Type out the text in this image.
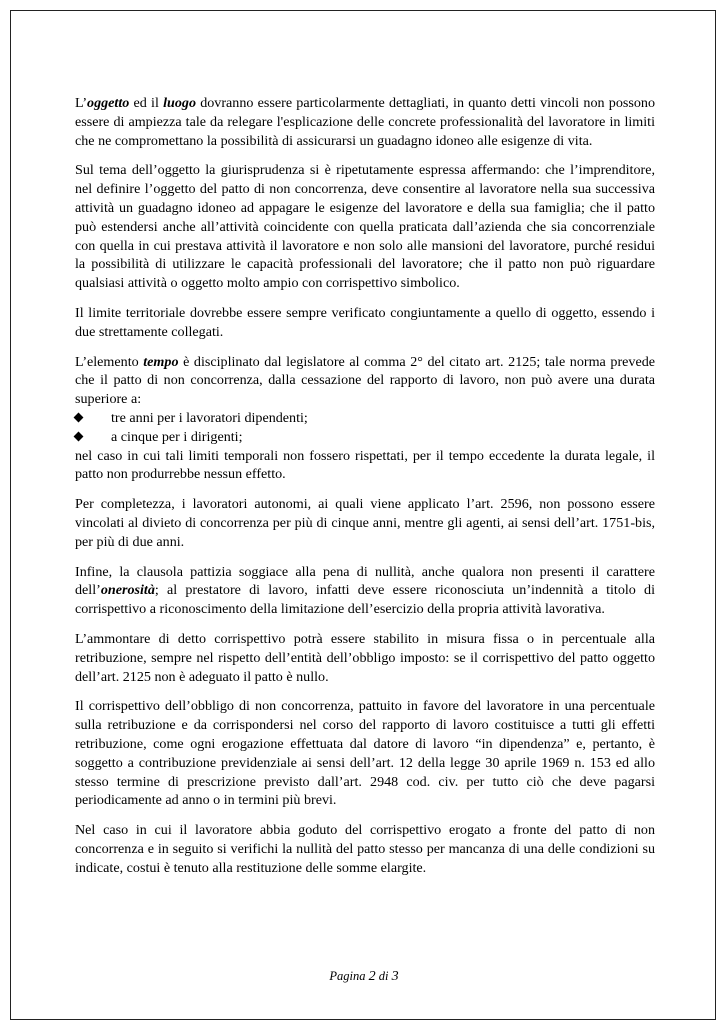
L’oggetto ed il luogo dovranno essere particolarmente dettagliati, in quanto detti vincoli non possono essere di ampiezza tale da relegare l'esplicazione delle concrete professionalità del lavoratore in limiti che ne compromettano la possibilità di assicurarsi un guadagno idoneo alle esigenze di vita.

Sul tema dell’oggetto la giurisprudenza si è ripetutamente espressa affermando: che l’imprenditore, nel definire l’oggetto del patto di non concorrenza, deve consentire al lavoratore nella sua successiva attività un guadagno idoneo ad appagare le esigenze del lavoratore e della sua famiglia; che il patto può estendersi anche all’attività coincidente con quella praticata dall’azienda che sia concorrenziale con quella in cui prestava attività il lavoratore e non solo alle mansioni del lavoratore, purché residui la possibilità di utilizzare le capacità professionali del lavoratore; che il patto non può riguardare qualsiasi attività o oggetto molto ampio con corrispettivo simbolico.

Il limite territoriale dovrebbe essere sempre verificato congiuntamente a quello di oggetto, essendo i due strettamente collegati.

L’elemento tempo è disciplinato dal legislatore al comma 2° del citato art. 2125; tale norma prevede che il patto di non concorrenza, dalla cessazione del rapporto di lavoro, non può avere una durata superiore a:

tre anni per i lavoratori dipendenti;
a cinque per i dirigenti;

nel caso in cui tali limiti temporali non fossero rispettati, per il tempo eccedente la durata legale, il patto non produrrebbe nessun effetto.

Per completezza, i lavoratori autonomi, ai quali viene applicato l’art. 2596, non possono essere vincolati al divieto di concorrenza per più di cinque anni, mentre gli agenti, ai sensi dell’art. 1751-bis, per più di due anni.

Infine, la clausola pattizia soggiace alla pena di nullità, anche qualora non presenti il carattere dell’onerosità; al prestatore di lavoro, infatti deve essere riconosciuta un’indennità a titolo di corrispettivo a riconoscimento della limitazione dell’esercizio della propria attività lavorativa.

L’ammontare di detto corrispettivo potrà essere stabilito in misura fissa o in percentuale alla retribuzione, sempre nel rispetto dell’entità dell’obbligo imposto: se il corrispettivo del patto oggetto dell’art. 2125 non è adeguato il patto è nullo.

Il corrispettivo dell’obbligo di non concorrenza, pattuito in favore del lavoratore in una percentuale sulla retribuzione e da corrispondersi nel corso del rapporto di lavoro costituisce a tutti gli effetti retribuzione, come ogni erogazione effettuata dal datore di lavoro “in dipendenza” e, pertanto, è soggetto a contribuzione previdenziale ai sensi dell’art. 12 della legge 30 aprile 1969 n. 153 ed allo stesso termine di prescrizione previsto dall’art. 2948 cod. civ. per tutto ciò che deve pagarsi periodicamente ad anno o in termini più brevi.

Nel caso in cui il lavoratore abbia goduto del corrispettivo erogato a fronte del patto di non concorrenza e in seguito si verifichi la nullità del patto stesso per mancanza di una delle condizioni su indicate, costui è tenuto alla restituzione delle somme elargite.

Pagina 2 di 3
